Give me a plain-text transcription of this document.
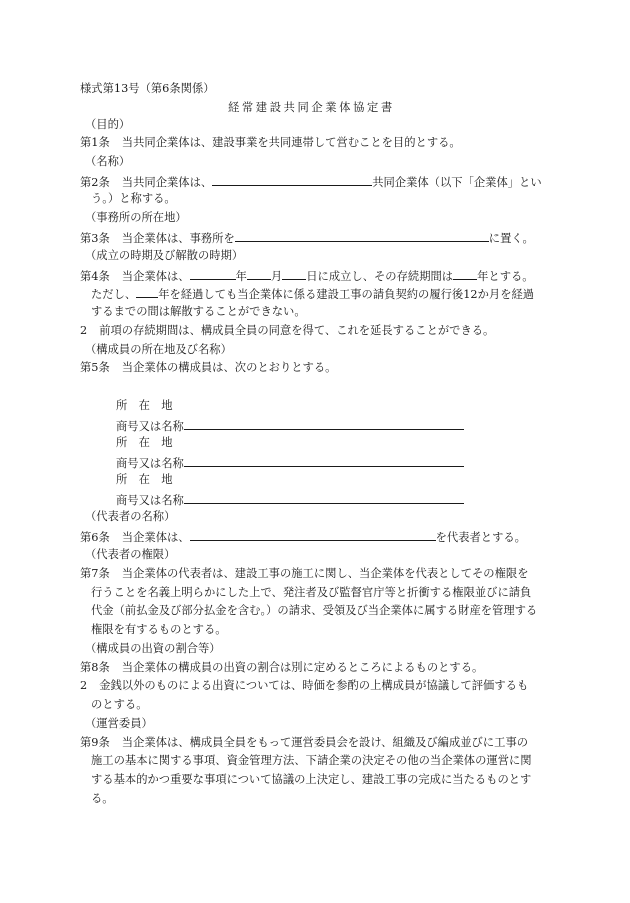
様式第13号（第6条関係）
経常建設共同企業体協定書
（目的）
第1条 当共同企業体は、建設事業を共同連帯して営むことを目的とする。
（名称）
第2条 当共同企業体は、	共同企業体（以下「企業体」とい
う。）と称する。
（事務所の所在地）
第3条 当企業体は、事務所を	に置く。
（成立の時期及び解散の時期）
第4条 当企業体は、	年 月 日に成立し、その存続期間は 年とする。
ただし、 年を経過しても当企業体に係る建設工事の請負契約の履行後12か月を経過
するまでの間は解散することができない。
2 前項の存続期間は、構成員全員の同意を得て、これを延長することができる。
（構成員の所在地及び名称）
第5条 当企業体の構成員は、次のとおりとする。
所　在　地
商号又は名称
所　在　地
商号又は名称
所　在　地
商号又は名称
（代表者の名称）
第6条 当企業体は、	を代表者とする。
（代表者の権限）
第7条 当企業体の代表者は、建設工事の施工に関し、当企業体を代表としてその権限を
行うことを名義上明らかにした上で、発注者及び監督官庁等と折衝する権限並びに請負
代金（前払金及び部分払金を含む。）の請求、受領及び当企業体に属する財産を管理する
権限を有するものとする。
（構成員の出資の割合等）
第8条 当企業体の構成員の出資の割合は別に定めるところによるものとする。
2 金銭以外のものによる出資については、時価を参酌の上構成員が協議して評価するも
のとする。
（運営委員）
第9条 当企業体は、構成員全員をもって運営委員会を設け、組織及び編成並びに工事の
施工の基本に関する事項、資金管理方法、下請企業の決定その他の当企業体の運営に関
する基本的かつ重要な事項について協議の上決定し、建設工事の完成に当たるものとす
る。
